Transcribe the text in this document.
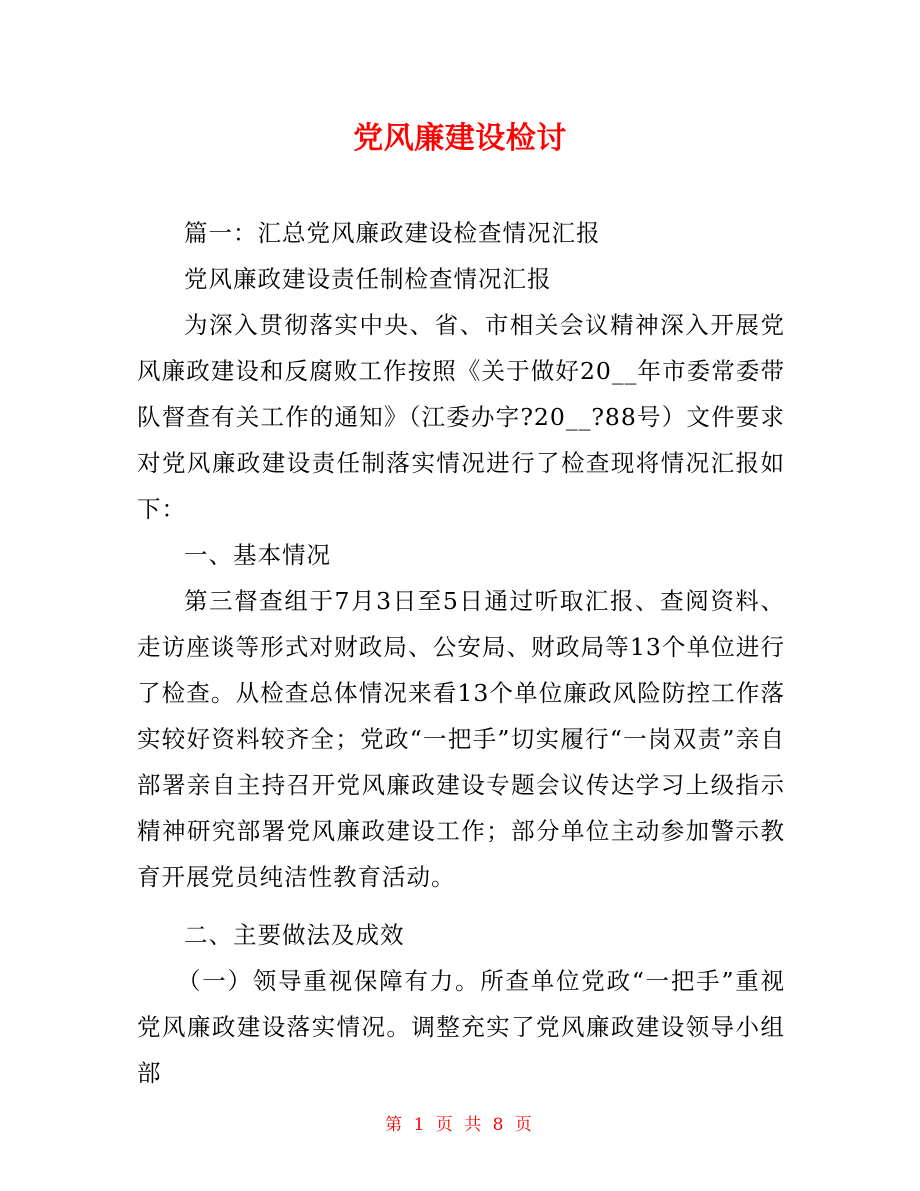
党风廉建设检讨

篇一：汇总党风廉政建设检查情况汇报

党风廉政建设责任制检查情况汇报

为深入贯彻落实中央、省、市相关会议精神深入开展党风廉政建设和反腐败工作按照《关于做好20__年市委常委带队督查有关工作的通知》（江委办字?20__?88号）文件要求对党风廉政建设责任制落实情况进行了检查现将情况汇报如下：

一、基本情况

第三督查组于7月3日至5日通过听取汇报、查阅资料、走访座谈等形式对财政局、公安局、财政局等13个单位进行了检查。从检查总体情况来看13个单位廉政风险防控工作落实较好资料较齐全；党政“一把手”切实履行“一岗双责”亲自部署亲自主持召开党风廉政建设专题会议传达学习上级指示精神研究部署党风廉政建设工作；部分单位主动参加警示教育开展党员纯洁性教育活动。

二、主要做法及成效

（一）领导重视保障有力。所查单位党政“一把手”重视党风廉政建设落实情况。调整充实了党风廉政建设领导小组部

第 1 页 共 8 页
